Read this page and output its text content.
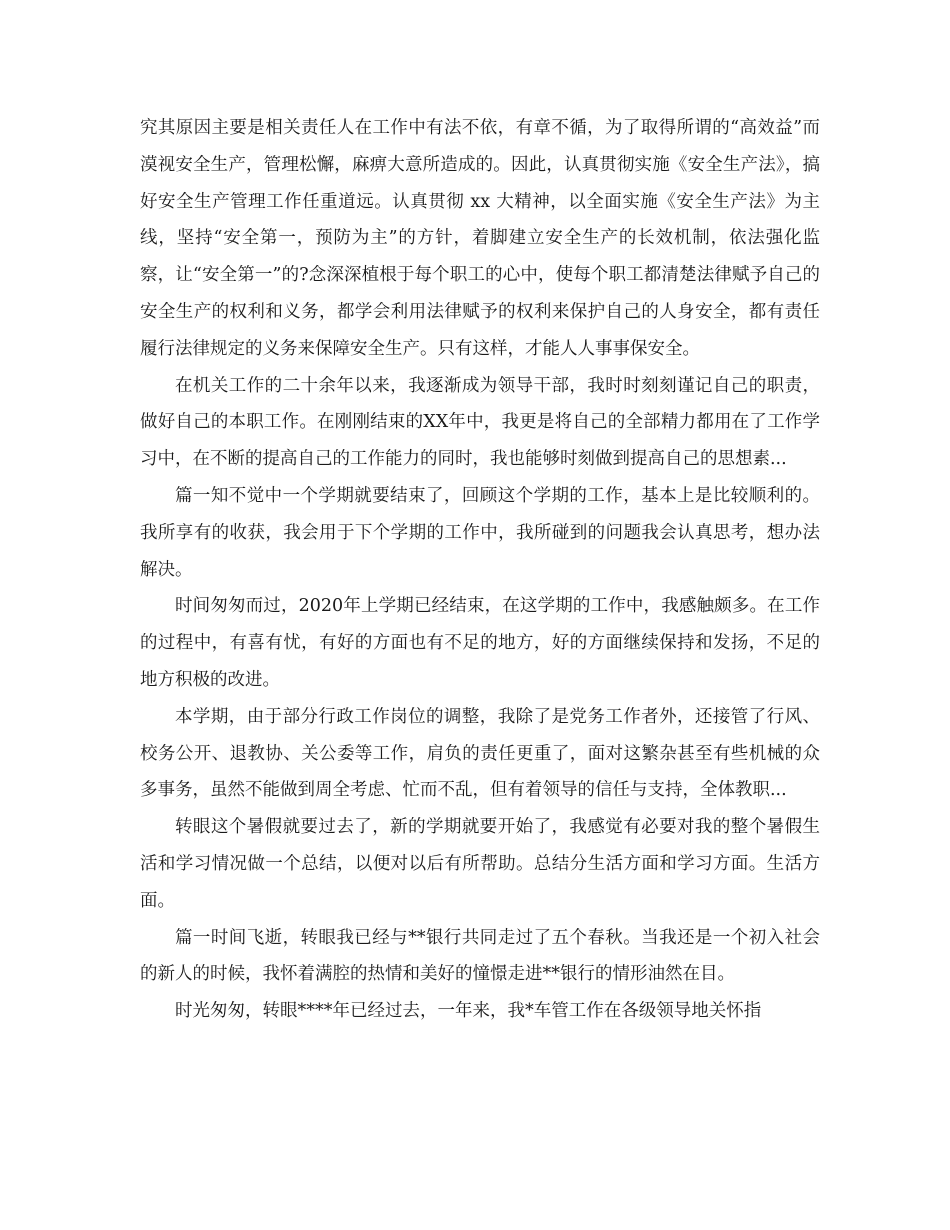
究其原因主要是相关责任人在工作中有法不依，有章不循，为了取得所谓的“高效益”而漠视安全生产，管理松懈，麻痹大意所造成的。因此，认真贯彻实施《安全生产法》，搞好安全生产管理工作任重道远。认真贯彻 xx 大精神，以全面实施《安全生产法》为主线，坚持“安全第一，预防为主”的方针，着脚建立安全生产的长效机制，依法强化监察，让“安全第一”的?念深深植根于每个职工的心中，使每个职工都清楚法律赋予自己的安全生产的权利和义务，都学会利用法律赋予的权利来保护自己的人身安全，都有责任履行法律规定的义务来保障安全生产。只有这样，才能人人事事保安全。

在机关工作的二十余年以来，我逐渐成为领导干部，我时时刻刻谨记自己的职责，做好自己的本职工作。在刚刚结束的XX年中，我更是将自己的全部精力都用在了工作学习中，在不断的提高自己的工作能力的同时，我也能够时刻做到提高自己的思想素...

篇一知不觉中一个学期就要结束了，回顾这个学期的工作，基本上是比较顺利的。我所享有的收获，我会用于下个学期的工作中，我所碰到的问题我会认真思考，想办法解决。

时间匆匆而过，2020年上学期已经结束，在这学期的工作中，我感触颇多。在工作的过程中，有喜有忧，有好的方面也有不足的地方，好的方面继续保持和发扬，不足的地方积极的改进。

本学期，由于部分行政工作岗位的调整，我除了是党务工作者外，还接管了行风、校务公开、退教协、关公委等工作，肩负的责任更重了，面对这繁杂甚至有些机械的众多事务，虽然不能做到周全考虑、忙而不乱，但有着领导的信任与支持，全体教职...

转眼这个暑假就要过去了，新的学期就要开始了，我感觉有必要对我的整个暑假生活和学习情况做一个总结，以便对以后有所帮助。总结分生活方面和学习方面。生活方面。

篇一时间飞逝，转眼我已经与**银行共同走过了五个春秋。当我还是一个初入社会的新人的时候，我怀着满腔的热情和美好的憧憬走进**银行的情形油然在目。

时光匆匆，转眼****年已经过去，一年来，我*车管工作在各级领导地关怀指
